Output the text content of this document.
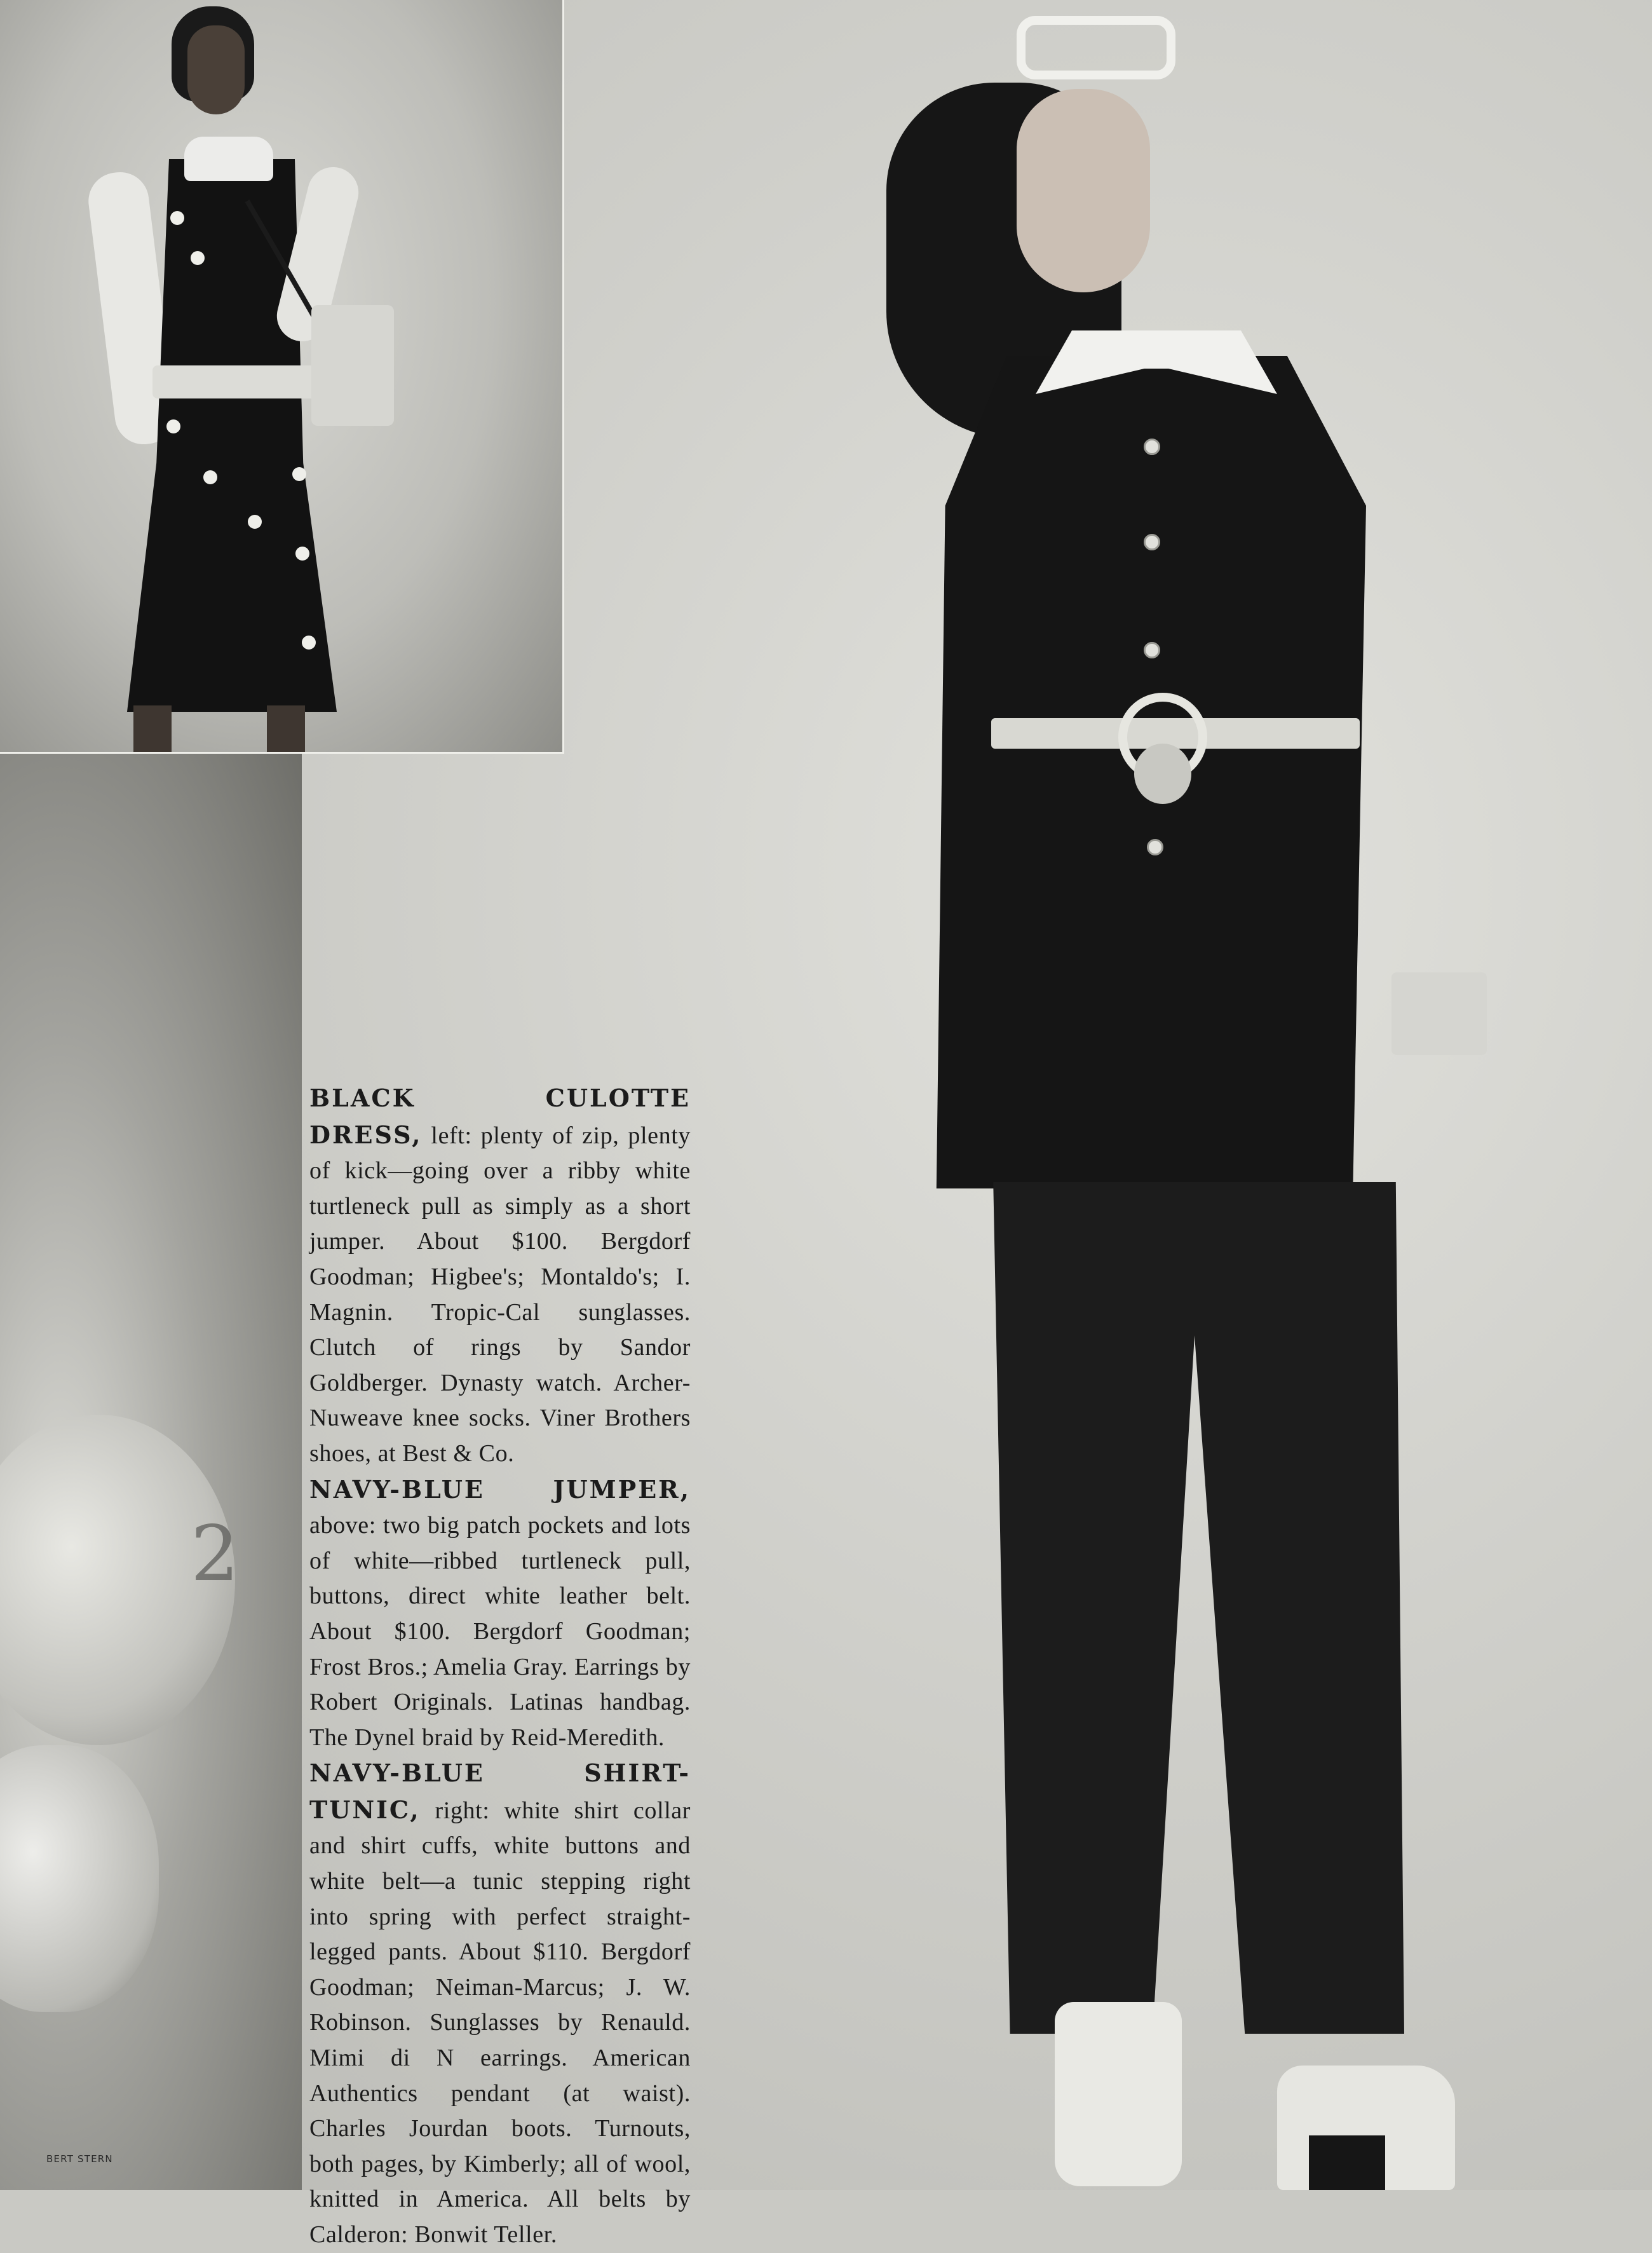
2

BLACK CULOTTE DRESS, left: plenty of zip, plenty of kick—going over a ribby white turtleneck pull as simply as a short jumper. About $100. Bergdorf Goodman; Higbee's; Montaldo's; I. Magnin. Tropic-Cal sunglasses. Clutch of rings by Sandor Goldberger. Dynasty watch. Archer-Nuweave knee socks. Viner Brothers shoes, at Best & Co.

NAVY-BLUE JUMPER, above: two big patch pockets and lots of white—ribbed turtleneck pull, buttons, direct white leather belt. About $100. Bergdorf Goodman; Frost Bros.; Amelia Gray. Earrings by Robert Originals. Latinas handbag. The Dynel braid by Reid-Meredith.

NAVY-BLUE SHIRT-TUNIC, right: white shirt collar and shirt cuffs, white buttons and white belt—a tunic stepping right into spring with perfect straight-legged pants. About $110. Bergdorf Goodman; Neiman-Marcus; J. W. Robinson. Sunglasses by Renauld. Mimi di N earrings. American Authentics pendant (at waist). Charles Jourdan boots. Turnouts, both pages, by Kimberly; all of wool, knitted in America. All belts by Calderon: Bonwit Teller.

BERT STERN
